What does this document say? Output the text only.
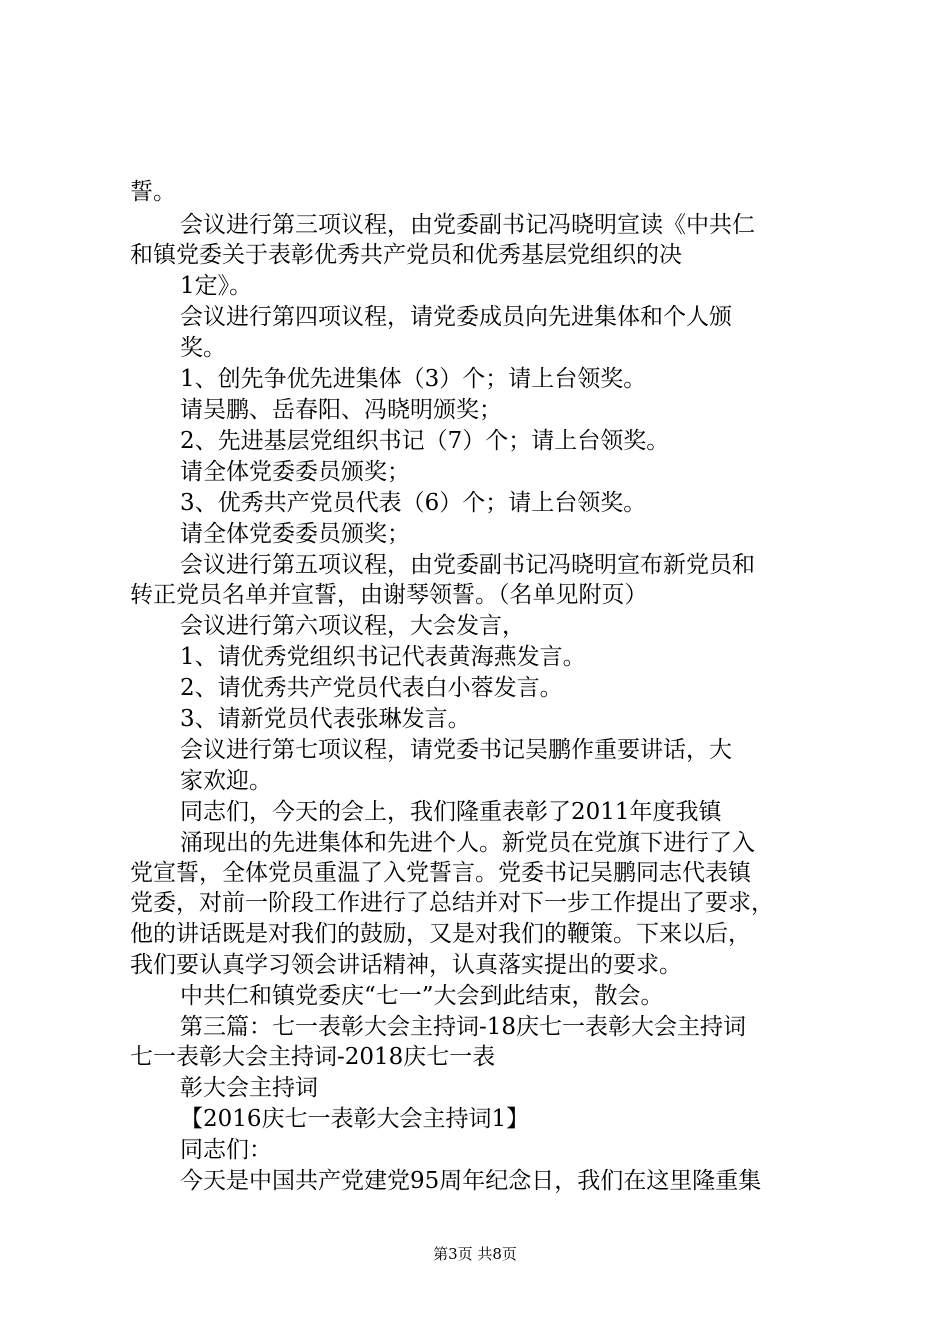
誓。
会议进行第三项议程，由党委副书记冯晓明宣读《中共仁
和镇党委关于表彰优秀共产党员和优秀基层党组织的决
1定》。
会议进行第四项议程，请党委成员向先进集体和个人颁
奖。
1、创先争优先进集体（3）个；请上台领奖。
请吴鹏、岳春阳、冯晓明颁奖；
2、先进基层党组织书记（7）个；请上台领奖。
请全体党委委员颁奖；
3、优秀共产党员代表（6）个；请上台领奖。
请全体党委委员颁奖；
会议进行第五项议程，由党委副书记冯晓明宣布新党员和
转正党员名单并宣誓，由谢琴领誓。（名单见附页）
会议进行第六项议程，大会发言，
1、请优秀党组织书记代表黄海燕发言。
2、请优秀共产党员代表白小蓉发言。
3、请新党员代表张琳发言。
会议进行第七项议程，请党委书记吴鹏作重要讲话，大
家欢迎。
同志们，今天的会上，我们隆重表彰了2011年度我镇
涌现出的先进集体和先进个人。新党员在党旗下进行了入
党宣誓，全体党员重温了入党誓言。党委书记吴鹏同志代表镇
党委，对前一阶段工作进行了总结并对下一步工作提出了要求，
他的讲话既是对我们的鼓励，又是对我们的鞭策。下来以后，
我们要认真学习领会讲话精神，认真落实提出的要求。
中共仁和镇党委庆“七一”大会到此结束，散会。
第三篇：七一表彰大会主持词-18庆七一表彰大会主持词
七一表彰大会主持词-2018庆七一表
彰大会主持词
【2016庆七一表彰大会主持词1】
同志们：
今天是中国共产党建党95周年纪念日，我们在这里隆重集
第3页 共8页
